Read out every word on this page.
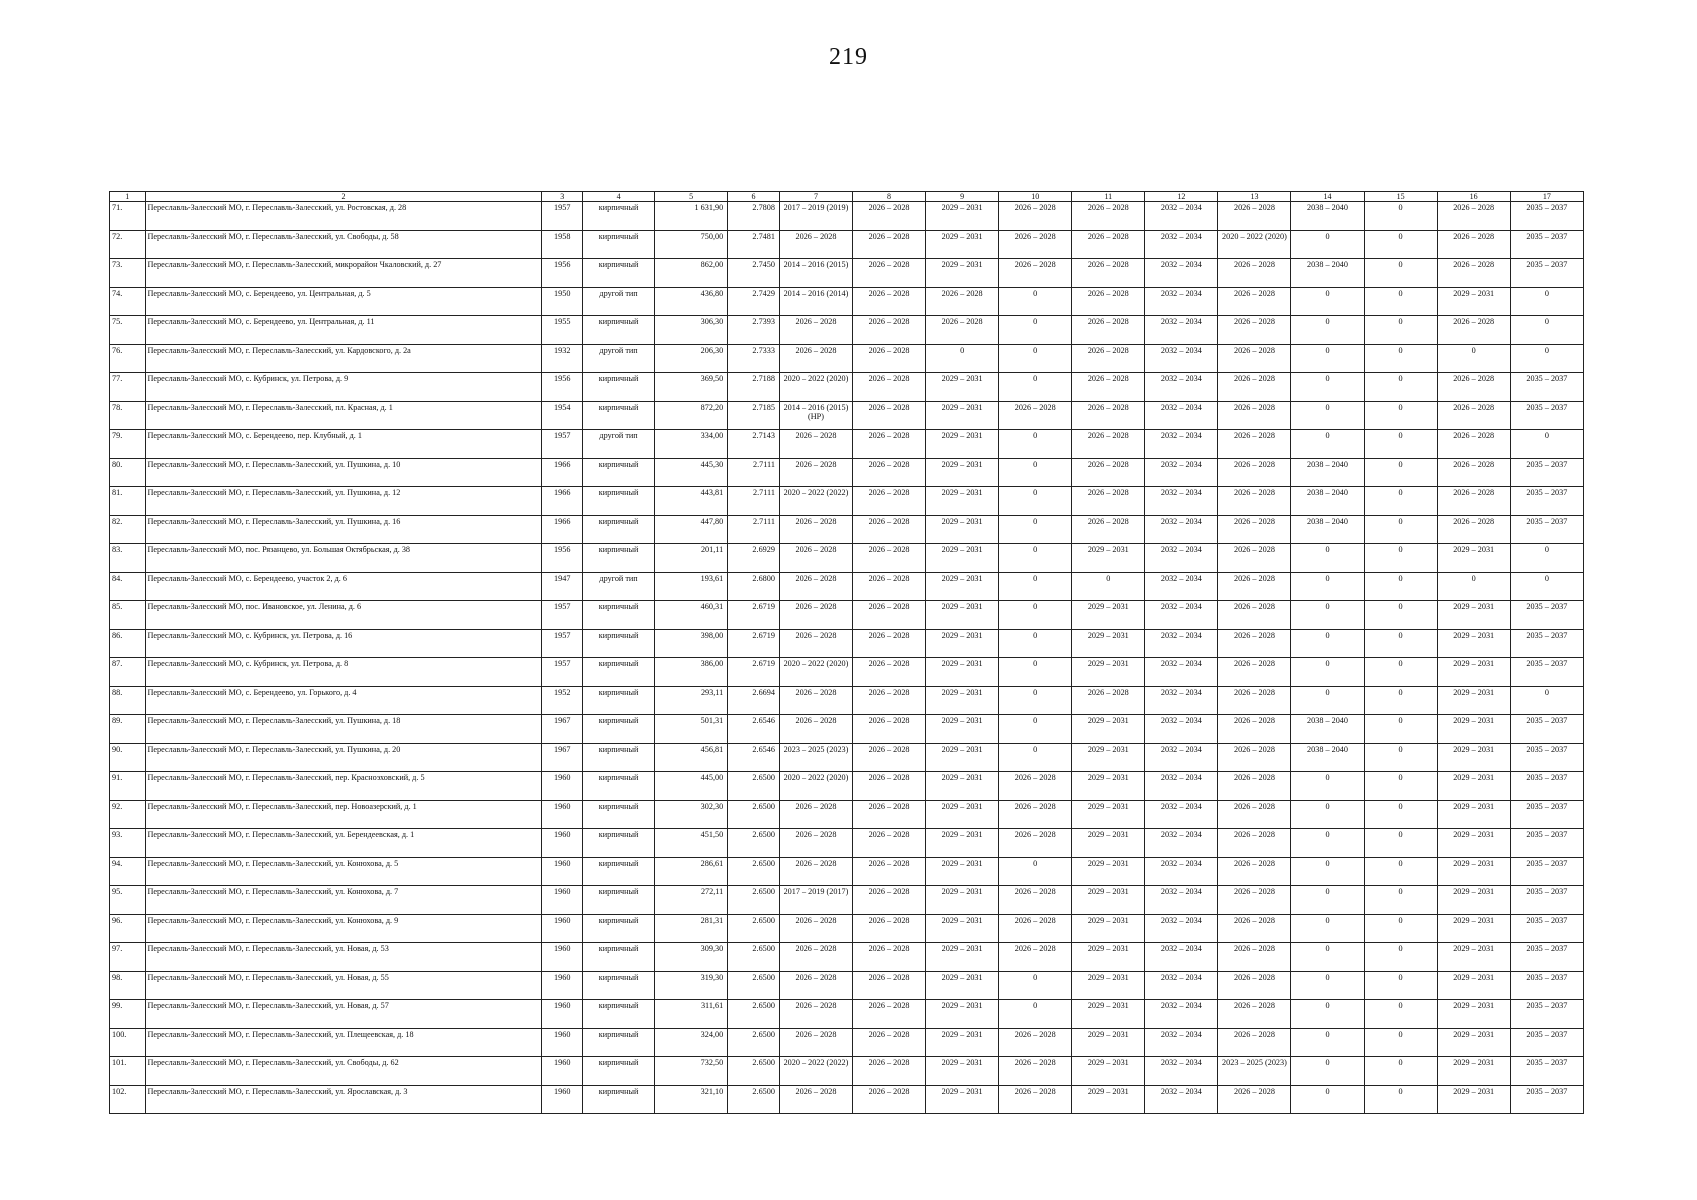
219
1	2	3	4	5	6	7	8	9	10	11	12	13	14	15	16	17
71.	Переславль-Залесский МО, г. Переславль-Залесский, ул. Ростовская, д. 28	1957	кирпичный	1 631,90	2.7808	2017 – 2019 (2019)	2026 – 2028	2029 – 2031	2026 – 2028	2026 – 2028	2032 – 2034	2026 – 2028	2038 – 2040	0	2026 – 2028	2035 – 2037
72.	Переславль-Залесский МО, г. Переславль-Залесский, ул. Свободы, д. 58	1958	кирпичный	750,00	2.7481	2026 – 2028	2026 – 2028	2029 – 2031	2026 – 2028	2026 – 2028	2032 – 2034	2020 – 2022 (2020)	0	0	2026 – 2028	2035 – 2037
73.	Переславль-Залесский МО, г. Переславль-Залесский, микрорайон Чкаловский, д. 27	1956	кирпичный	862,00	2.7450	2014 – 2016 (2015)	2026 – 2028	2029 – 2031	2026 – 2028	2026 – 2028	2032 – 2034	2026 – 2028	2038 – 2040	0	2026 – 2028	2035 – 2037
74.	Переславль-Залесский МО, с. Берендеево, ул. Центральная, д. 5	1950	другой тип	436,80	2.7429	2014 – 2016 (2014)	2026 – 2028	2026 – 2028	0	2026 – 2028	2032 – 2034	2026 – 2028	0	0	2029 – 2031	0
75.	Переславль-Залесский МО, с. Берендеево, ул. Центральная, д. 11	1955	кирпичный	306,30	2.7393	2026 – 2028	2026 – 2028	2026 – 2028	0	2026 – 2028	2032 – 2034	2026 – 2028	0	0	2026 – 2028	0
76.	Переславль-Залесский МО, г. Переславль-Залесский, ул. Кардовского, д. 2а	1932	другой тип	206,30	2.7333	2026 – 2028	2026 – 2028	0	0	2026 – 2028	2032 – 2034	2026 – 2028	0	0	0	0
77.	Переславль-Залесский МО, с. Кубринск, ул. Петрова, д. 9	1956	кирпичный	369,50	2.7188	2020 – 2022 (2020)	2026 – 2028	2029 – 2031	0	2026 – 2028	2032 – 2034	2026 – 2028	0	0	2026 – 2028	2035 – 2037
78.	Переславль-Залесский МО, г. Переславль-Залесский, пл. Красная, д. 1	1954	кирпичный	872,20	2.7185	2014 – 2016 (2015) (НР)	2026 – 2028	2029 – 2031	2026 – 2028	2026 – 2028	2032 – 2034	2026 – 2028	0	0	2026 – 2028	2035 – 2037
79.	Переславль-Залесский МО, с. Берендеево, пер. Клубный, д. 1	1957	другой тип	334,00	2.7143	2026 – 2028	2026 – 2028	2029 – 2031	0	2026 – 2028	2032 – 2034	2026 – 2028	0	0	2026 – 2028	0
80.	Переславль-Залесский МО, г. Переславль-Залесский, ул. Пушкина, д. 10	1966	кирпичный	445,30	2.7111	2026 – 2028	2026 – 2028	2029 – 2031	0	2026 – 2028	2032 – 2034	2026 – 2028	2038 – 2040	0	2026 – 2028	2035 – 2037
81.	Переславль-Залесский МО, г. Переславль-Залесский, ул. Пушкина, д. 12	1966	кирпичный	443,81	2.7111	2020 – 2022 (2022)	2026 – 2028	2029 – 2031	0	2026 – 2028	2032 – 2034	2026 – 2028	2038 – 2040	0	2026 – 2028	2035 – 2037
82.	Переславль-Залесский МО, г. Переславль-Залесский, ул. Пушкина, д. 16	1966	кирпичный	447,80	2.7111	2026 – 2028	2026 – 2028	2029 – 2031	0	2026 – 2028	2032 – 2034	2026 – 2028	2038 – 2040	0	2026 – 2028	2035 – 2037
83.	Переславль-Залесский МО, пос. Рязанцево, ул. Большая Октябрьская, д. 38	1956	кирпичный	201,11	2.6929	2026 – 2028	2026 – 2028	2029 – 2031	0	2029 – 2031	2032 – 2034	2026 – 2028	0	0	2029 – 2031	0
84.	Переславль-Залесский МО, с. Берендеево, участок 2, д. 6	1947	другой тип	193,61	2.6800	2026 – 2028	2026 – 2028	2029 – 2031	0	0	2032 – 2034	2026 – 2028	0	0	0	0
85.	Переславль-Залесский МО, пос. Ивановское, ул. Ленина, д. 6	1957	кирпичный	460,31	2.6719	2026 – 2028	2026 – 2028	2029 – 2031	0	2029 – 2031	2032 – 2034	2026 – 2028	0	0	2029 – 2031	2035 – 2037
86.	Переславль-Залесский МО, с. Кубринск, ул. Петрова, д. 16	1957	кирпичный	398,00	2.6719	2026 – 2028	2026 – 2028	2029 – 2031	0	2029 – 2031	2032 – 2034	2026 – 2028	0	0	2029 – 2031	2035 – 2037
87.	Переславль-Залесский МО, с. Кубринск, ул. Петрова, д. 8	1957	кирпичный	386,00	2.6719	2020 – 2022 (2020)	2026 – 2028	2029 – 2031	0	2029 – 2031	2032 – 2034	2026 – 2028	0	0	2029 – 2031	2035 – 2037
88.	Переславль-Залесский МО, с. Берендеево, ул. Горького, д. 4	1952	кирпичный	293,11	2.6694	2026 – 2028	2026 – 2028	2029 – 2031	0	2026 – 2028	2032 – 2034	2026 – 2028	0	0	2029 – 2031	0
89.	Переславль-Залесский МО, г. Переславль-Залесский, ул. Пушкина, д. 18	1967	кирпичный	501,31	2.6546	2026 – 2028	2026 – 2028	2029 – 2031	0	2029 – 2031	2032 – 2034	2026 – 2028	2038 – 2040	0	2029 – 2031	2035 – 2037
90.	Переславль-Залесский МО, г. Переславль-Залесский, ул. Пушкина, д. 20	1967	кирпичный	456,81	2.6546	2023 – 2025 (2023)	2026 – 2028	2029 – 2031	0	2029 – 2031	2032 – 2034	2026 – 2028	2038 – 2040	0	2029 – 2031	2035 – 2037
91.	Переславль-Залесский МО, г. Переславль-Залесский, пер. Красноэховский, д. 5	1960	кирпичный	445,00	2.6500	2020 – 2022 (2020)	2026 – 2028	2029 – 2031	2026 – 2028	2029 – 2031	2032 – 2034	2026 – 2028	0	0	2029 – 2031	2035 – 2037
92.	Переславль-Залесский МО, г. Переславль-Залесский, пер. Новоазерский, д. 1	1960	кирпичный	302,30	2.6500	2026 – 2028	2026 – 2028	2029 – 2031	2026 – 2028	2029 – 2031	2032 – 2034	2026 – 2028	0	0	2029 – 2031	2035 – 2037
93.	Переславль-Залесский МО, г. Переславль-Залесский, ул. Берендеевская, д. 1	1960	кирпичный	451,50	2.6500	2026 – 2028	2026 – 2028	2029 – 2031	2026 – 2028	2029 – 2031	2032 – 2034	2026 – 2028	0	0	2029 – 2031	2035 – 2037
94.	Переславль-Залесский МО, г. Переславль-Залесский, ул. Конюхова, д. 5	1960	кирпичный	286,61	2.6500	2026 – 2028	2026 – 2028	2029 – 2031	0	2029 – 2031	2032 – 2034	2026 – 2028	0	0	2029 – 2031	2035 – 2037
95.	Переславль-Залесский МО, г. Переславль-Залесский, ул. Конюхова, д. 7	1960	кирпичный	272,11	2.6500	2017 – 2019 (2017)	2026 – 2028	2029 – 2031	2026 – 2028	2029 – 2031	2032 – 2034	2026 – 2028	0	0	2029 – 2031	2035 – 2037
96.	Переславль-Залесский МО, г. Переславль-Залесский, ул. Конюхова, д. 9	1960	кирпичный	281,31	2.6500	2026 – 2028	2026 – 2028	2029 – 2031	2026 – 2028	2029 – 2031	2032 – 2034	2026 – 2028	0	0	2029 – 2031	2035 – 2037
97.	Переславль-Залесский МО, г. Переславль-Залесский, ул. Новая, д. 53	1960	кирпичный	309,30	2.6500	2026 – 2028	2026 – 2028	2029 – 2031	2026 – 2028	2029 – 2031	2032 – 2034	2026 – 2028	0	0	2029 – 2031	2035 – 2037
98.	Переславль-Залесский МО, г. Переславль-Залесский, ул. Новая, д. 55	1960	кирпичный	319,30	2.6500	2026 – 2028	2026 – 2028	2029 – 2031	0	2029 – 2031	2032 – 2034	2026 – 2028	0	0	2029 – 2031	2035 – 2037
99.	Переславль-Залесский МО, г. Переславль-Залесский, ул. Новая, д. 57	1960	кирпичный	311,61	2.6500	2026 – 2028	2026 – 2028	2029 – 2031	0	2029 – 2031	2032 – 2034	2026 – 2028	0	0	2029 – 2031	2035 – 2037
100.	Переславль-Залесский МО, г. Переславль-Залесский, ул. Плещеевская, д. 18	1960	кирпичный	324,00	2.6500	2026 – 2028	2026 – 2028	2029 – 2031	2026 – 2028	2029 – 2031	2032 – 2034	2026 – 2028	0	0	2029 – 2031	2035 – 2037
101.	Переславль-Залесский МО, г. Переславль-Залесский, ул. Свободы, д. 62	1960	кирпичный	732,50	2.6500	2020 – 2022 (2022)	2026 – 2028	2029 – 2031	2026 – 2028	2029 – 2031	2032 – 2034	2023 – 2025 (2023)	0	0	2029 – 2031	2035 – 2037
102.	Переславль-Залесский МО, г. Переславль-Залесский, ул. Ярославская, д. 3	1960	кирпичный	321,10	2.6500	2026 – 2028	2026 – 2028	2029 – 2031	2026 – 2028	2029 – 2031	2032 – 2034	2026 – 2028	0	0	2029 – 2031	2035 – 2037
